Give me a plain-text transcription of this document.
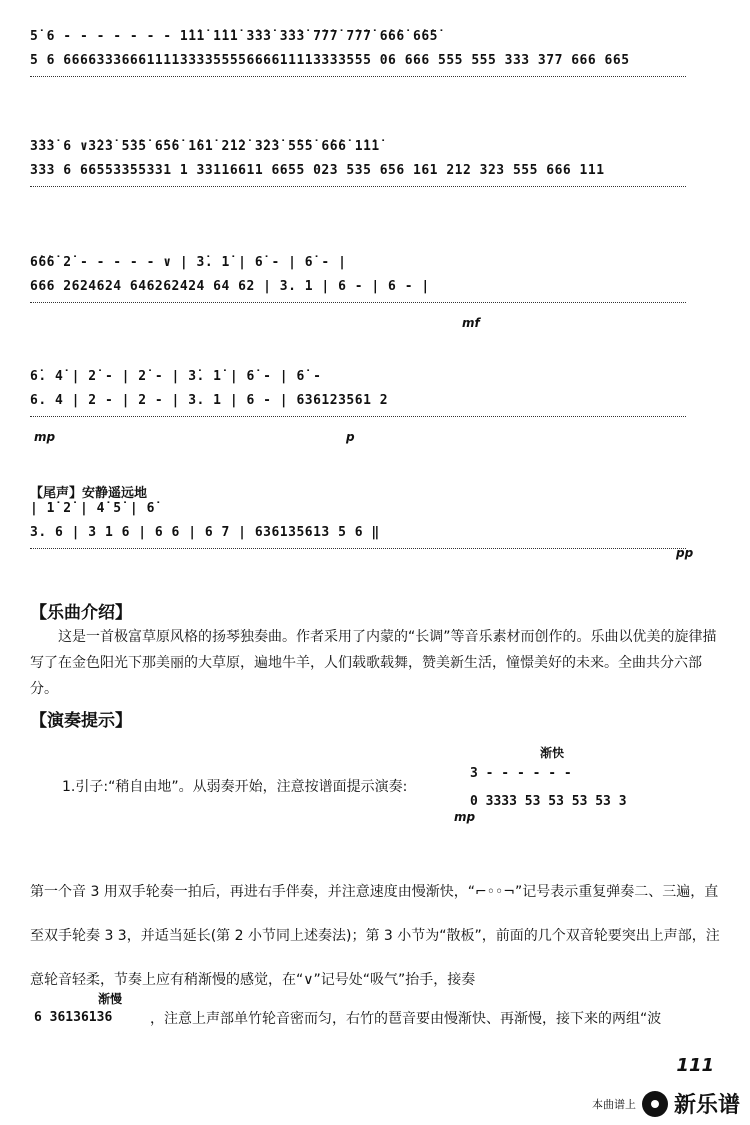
5̇ 6 - - - - - - - 1̇1̇1̇ 1̇1̇1̇ 3̇3̇3̇ 3̇3̇3̇ 7̇7̇7̇ 7̇7̇7̇ 6̇6̇6̇ 6̇6̇5̇
5 6 6666333666111133335555666611113333555 06 666 555 555 333 377 666 665
3̇3̇3̇ 6 ∨3̇2̇3̇ 5̇3̇5̇ 6̇5̇6̇ 1̇6̇1̇ 2̇1̇2̇ 3̇2̇3̇ 5̇5̇5̇ 6̇6̇6̇ 1̇1̇1̇
333 6 66553355331 1 33116611 6655 023 535 656 161 212 323 555 666 111
6̇6̇6̇ 2̇ - - - - - ∨ | 3̇. 1̇ | 6̇ - | 6̇ - |
666 2624624 646262424 64 62 | 3. 1 | 6 - | 6 - |
mf
6̇. 4̇ | 2̇ - | 2̇ - | 3̇. 1̇ | 6̇ - | 6̇ -
6. 4 | 2 - | 2 - | 3. 1 | 6 - | 636123561 2
mp	p
【尾声】安静遥远地
| 1̇ 2̇ | 4̇ 5̇ | 6̇
3. 6 | 3 1 6 | 6 6 | 6 7 | 636135613 5 6 ‖
pp
【乐曲介绍】
这是一首极富草原风格的扬琴独奏曲。作者采用了内蒙的“长调”等音乐素材而创作的。乐曲以优美的旋律描写了在金色阳光下那美丽的大草原，遍地牛羊，人们载歌载舞，赞美新生活，憧憬美好的未来。全曲共分六部分。
【演奏提示】
1.引子:“稍自由地”。从弱奏开始，注意按谱面提示演奏:
渐快
3 - - - - - -
0 3333 53 53 53 53 3
mp
第一个音 3 用双手轮奏一拍后，再进右手伴奏，并注意速度由慢渐快，“⌐◦◦¬”记号表示重复弹奏二、三遍，直至双手轮奏 3 3，并适当延长(第 2 小节同上述奏法)；第 3 小节为“散板”，前面的几个双音轮要突出上声部，注意轮音轻柔，节奏上应有稍渐慢的感觉，在“∨”记号处“吸气”抬手，接奏
渐慢
6 36136136	，注意上声部单竹轮音密而匀，右竹的琶音要由慢渐快、再渐慢，接下来的两组“波
111
本曲谱上 新乐谱
